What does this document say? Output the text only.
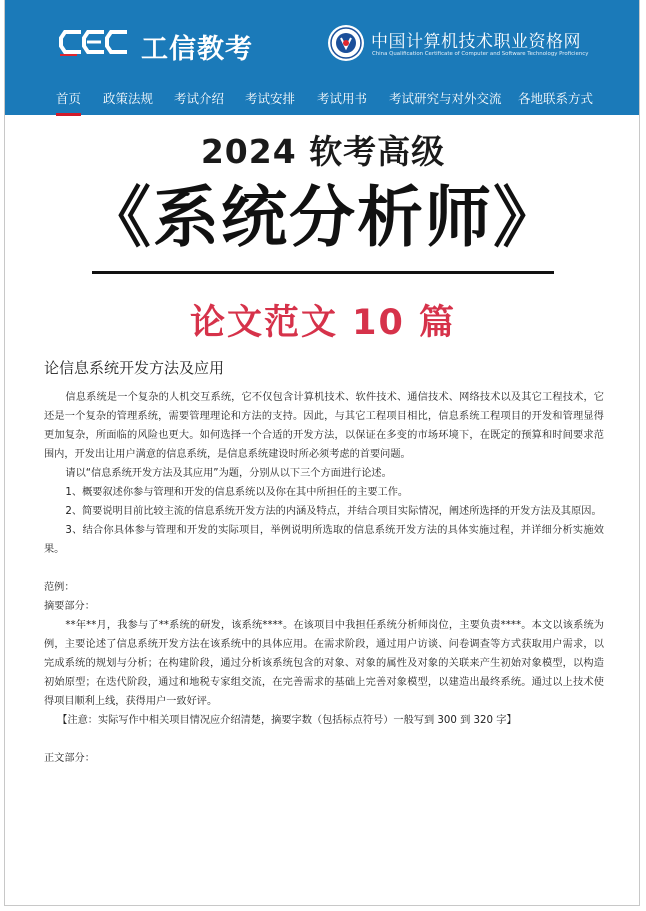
工信教考	中国计算机技术职业资格网
China Qualification Certificate of Computer and Software Technology Proficiency
首页 政策法规 考试介绍 考试安排 考试用书 考试研究与对外交流 各地联系方式
2024 软考高级
《系统分析师》
论文范文 10 篇

论信息系统开发方法及应用

信息系统是一个复杂的人机交互系统，它不仅包含计算机技术、软件技术、通信技术、网络技术以及其它工程技术，它还是一个复杂的管理系统，需要管理理论和方法的支持。因此，与其它工程项目相比，信息系统工程项目的开发和管理显得更加复杂，所面临的风险也更大。如何选择一个合适的开发方法，以保证在多变的市场环境下，在既定的预算和时间要求范围内，开发出让用户满意的信息系统，是信息系统建设时所必须考虑的首要问题。

请以“信息系统开发方法及其应用”为题，分别从以下三个方面进行论述。

1、概要叙述你参与管理和开发的信息系统以及你在其中所担任的主要工作。

2、简要说明目前比较主流的信息系统开发方法的内涵及特点，并结合项目实际情况，阐述所选择的开发方法及其原因。

3、结合你具体参与管理和开发的实际项目，举例说明所选取的信息系统开发方法的具体实施过程，并详细分析实施效果。

范例：

摘要部分：

**年**月，我参与了**系统的研发，该系统****。在该项目中我担任系统分析师岗位，主要负责****。本文以该系统为例，主要论述了信息系统开发方法在该系统中的具体应用。在需求阶段，通过用户访谈、问卷调查等方式获取用户需求，以完成系统的规划与分析；在构建阶段，通过分析该系统包含的对象、对象的属性及对象的关联来产生初始对象模型，以构造初始原型；在迭代阶段，通过和地税专家组交流，在完善需求的基础上完善对象模型，以建造出最终系统。通过以上技术使得项目顺利上线，获得用户一致好评。

【注意：实际写作中相关项目情况应介绍清楚，摘要字数（包括标点符号）一般写到 300 到 320 字】

正文部分：
